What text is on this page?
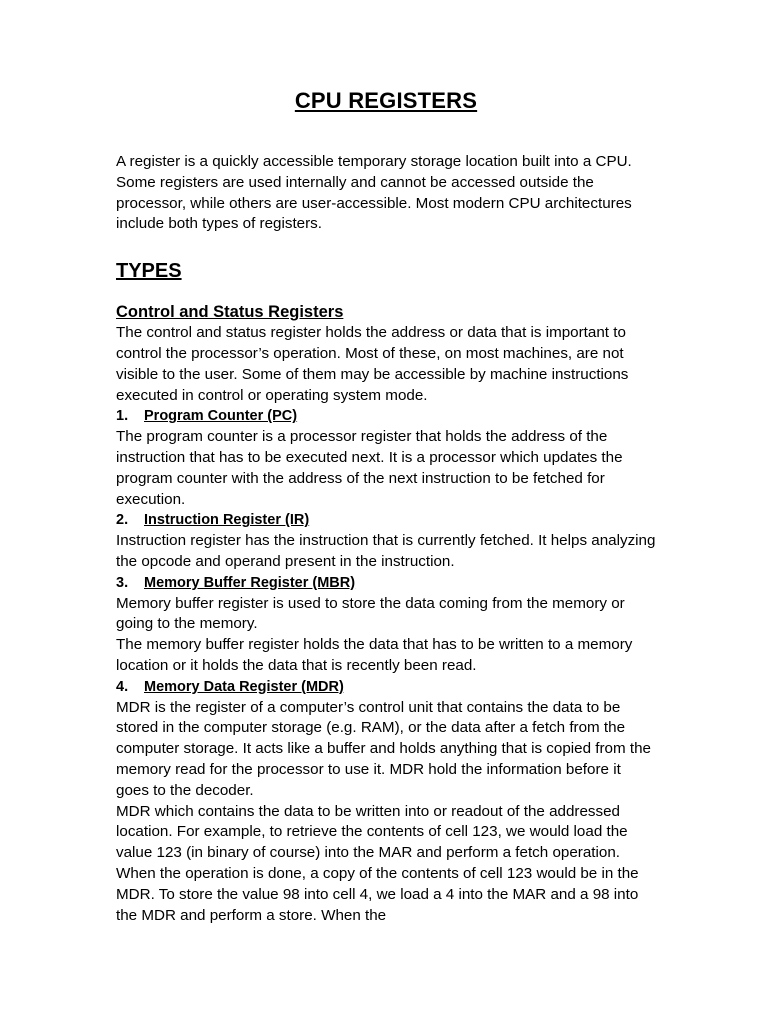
CPU REGISTERS

A register is a quickly accessible temporary storage location built into a CPU. Some registers are used internally and cannot be accessed outside the processor, while others are user-accessible. Most modern CPU architectures include both types of registers.

TYPES
Control and Status Registers

The control and status register holds the address or data that is important to control the processor’s operation. Most of these, on most machines, are not visible to the user. Some of them may be accessible by machine instructions executed in control or operating system mode.

1.	Program Counter (PC)

The program counter is a processor register that holds the address of the instruction that has to be executed next. It is a processor which updates the program counter with the address of the next instruction to be fetched for execution.

2.	Instruction Register (IR)

Instruction register has the instruction that is currently fetched. It helps analyzing the opcode and operand present in the instruction.

3.	Memory Buffer Register (MBR)

Memory buffer register is used to store the data coming from the memory or going to the memory.

The memory buffer register holds the data that has to be written to a memory location or it holds the data that is recently been read.

4.	Memory Data Register (MDR)

MDR is the register of a computer’s control unit that contains the data to be stored in the computer storage (e.g. RAM), or the data after a fetch from the computer storage. It acts like a buffer and holds anything that is copied from the memory read for the processor to use it. MDR hold the information before it goes to the decoder.

MDR which contains the data to be written into or readout of the addressed location. For example, to retrieve the contents of cell 123, we would load the value 123 (in binary of course) into the MAR and perform a fetch operation. When the operation is done, a copy of the contents of cell 123 would be in the MDR. To store the value 98 into cell 4, we load a 4 into the MAR and a 98 into the MDR and perform a store. When the
